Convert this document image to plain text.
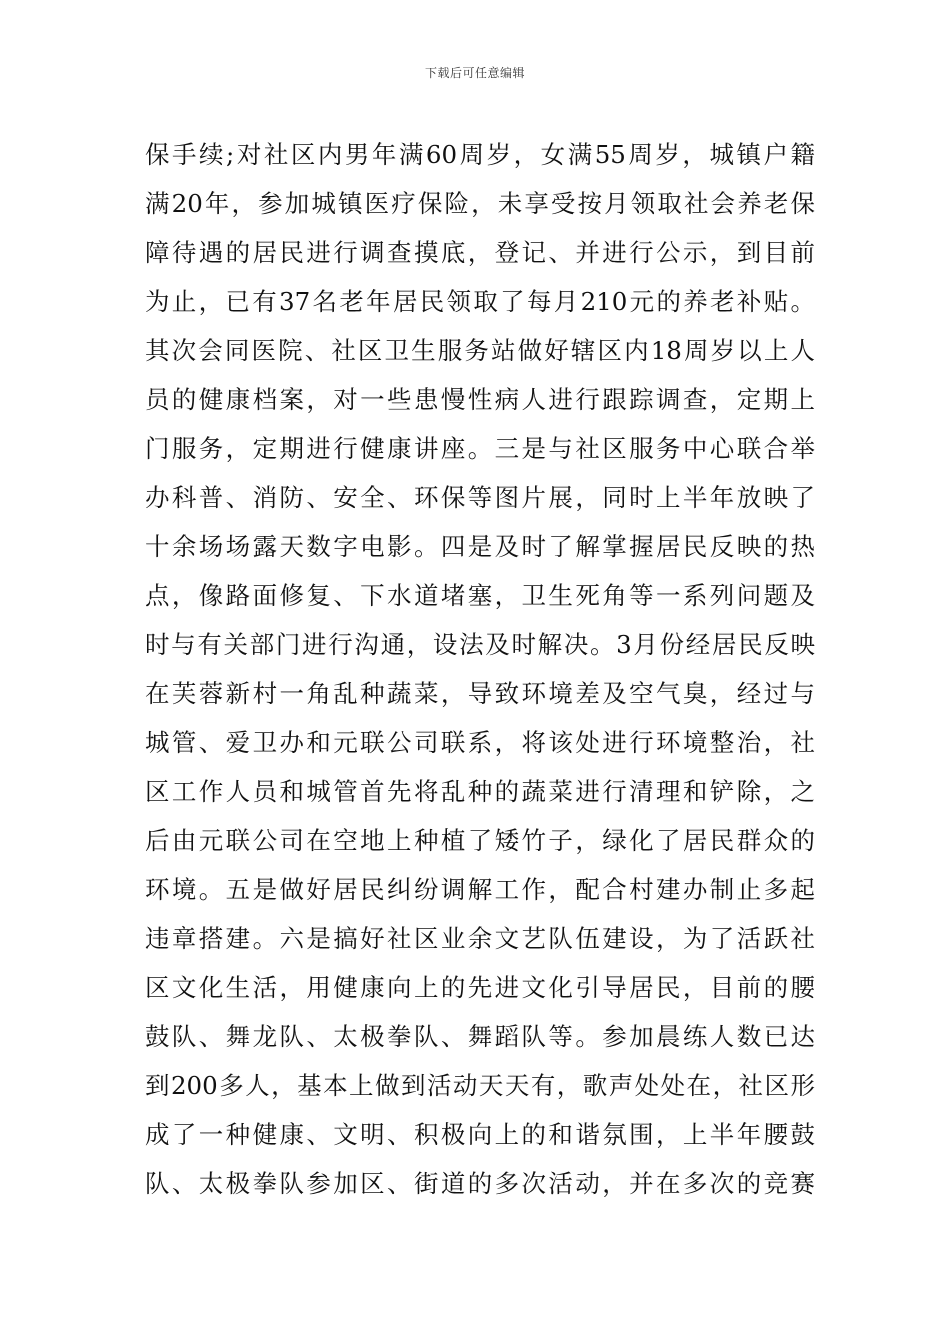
下载后可任意编辑
保手续;对社区内男年满60周岁，女满55周岁，城镇户籍
满20年，参加城镇医疗保险，未享受按月领取社会养老保
障待遇的居民进行调查摸底，登记、并进行公示，到目前
为止，已有37名老年居民领取了每月210元的养老补贴。
其次会同医院、社区卫生服务站做好辖区内18周岁以上人
员的健康档案，对一些患慢性病人进行跟踪调查，定期上
门服务，定期进行健康讲座。三是与社区服务中心联合举
办科普、消防、安全、环保等图片展，同时上半年放映了
十余场场露天数字电影。四是及时了解掌握居民反映的热
点，像路面修复、下水道堵塞，卫生死角等一系列问题及
时与有关部门进行沟通，设法及时解决。3月份经居民反映
在芙蓉新村一角乱种蔬菜，导致环境差及空气臭，经过与
城管、爱卫办和元联公司联系，将该处进行环境整治，社
区工作人员和城管首先将乱种的蔬菜进行清理和铲除，之
后由元联公司在空地上种植了矮竹子，绿化了居民群众的
环境。五是做好居民纠纷调解工作，配合村建办制止多起
违章搭建。六是搞好社区业余文艺队伍建设，为了活跃社
区文化生活，用健康向上的先进文化引导居民，目前的腰
鼓队、舞龙队、太极拳队、舞蹈队等。参加晨练人数已达
到200多人，基本上做到活动天天有，歌声处处在，社区形
成了一种健康、文明、积极向上的和谐氛围，上半年腰鼓
队、太极拳队参加区、街道的多次活动，并在多次的竞赛
